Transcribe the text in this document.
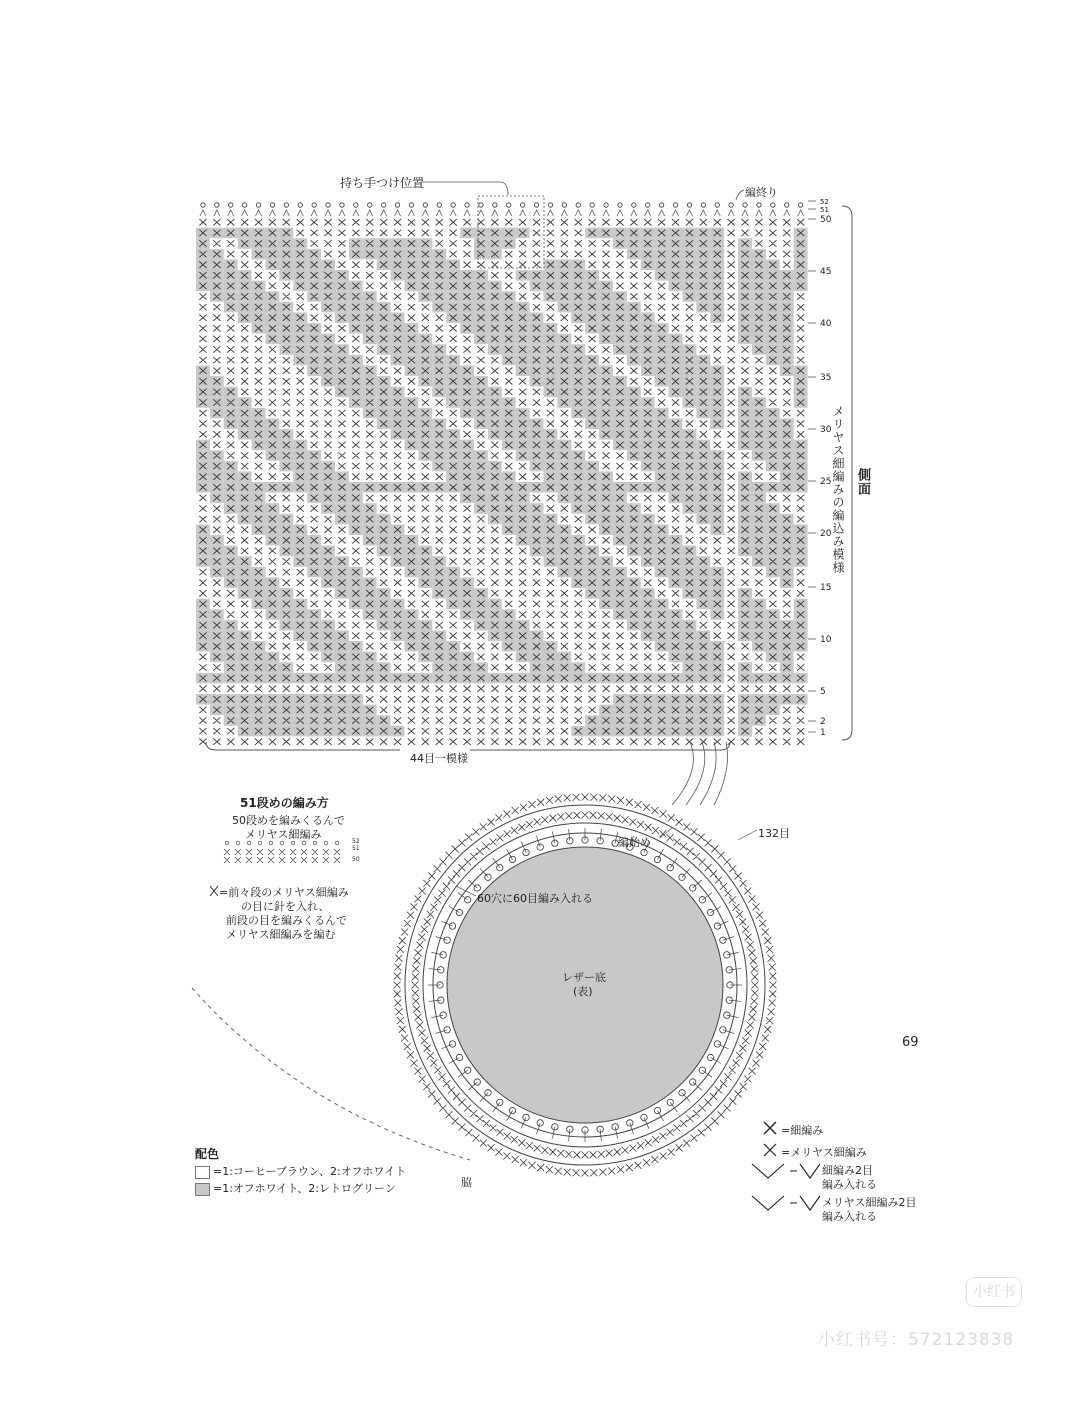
52
51
50
45
40
35
30
25
20
15
10
5
2
1
持ち手つけ位置
編終り
44目一模様
メリヤス細編みの編込み模様 側面
51段めの編み方
50段めを編みくるんで
メリヤス細編み
52
51
50
=前々段のメリヤス細編み
の目に針を入れ、
前段の目を編みくるんで
メリヤス細編みを編む
レザー底
(表)
60穴に60目編み入れる
編始め
132目
脇
配色
=1:コーヒーブラウン、2:オフホワイト
=1:オフホワイト、2:レトログリーン
=細編み
=メリヤス細編み
細編み2目
編み入れる
メリヤス細編み2目
編み入れる
69
小红书
小红书号：572123838
